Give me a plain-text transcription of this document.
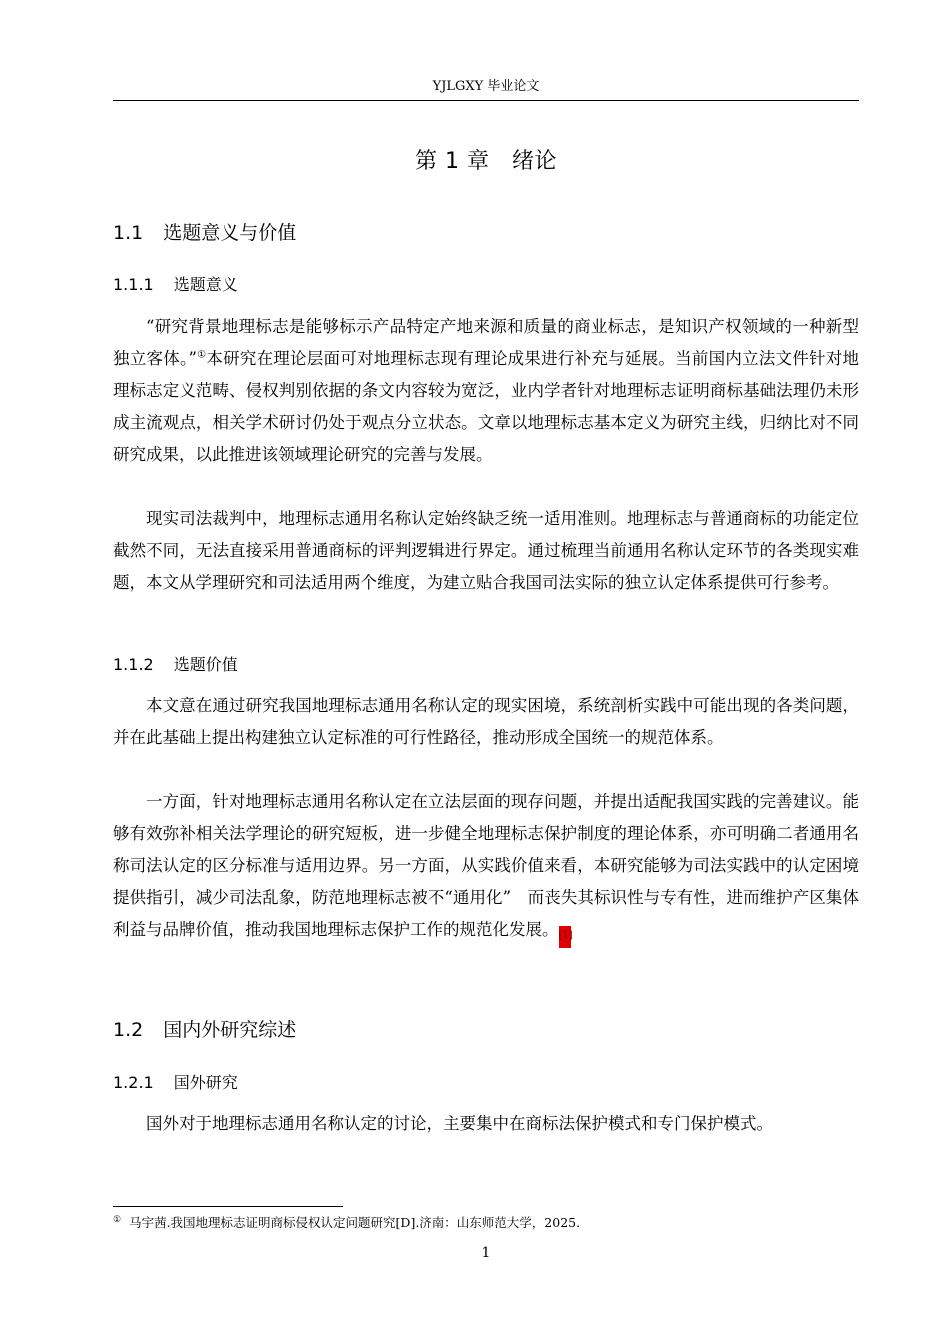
YJLGXY 毕业论文
第 1 章　绪论
1.1 选题意义与价值
1.1.1 选题意义

“研究背景地理标志是能够标示产品特定产地来源和质量的商业标志，是知识产权领域的一种新型独立客体。”①本研究在理论层面可对地理标志现有理论成果进行补充与延展。当前国内立法文件针对地理标志定义范畴、侵权判别依据的条文内容较为宽泛，业内学者针对地理标志证明商标基础法理仍未形成主流观点，相关学术研讨仍处于观点分立状态。文章以地理标志基本定义为研究主线，归纳比对不同研究成果，以此推进该领域理论研究的完善与发展。

现实司法裁判中，地理标志通用名称认定始终缺乏统一适用准则。地理标志与普通商标的功能定位截然不同，无法直接采用普通商标的评判逻辑进行界定。通过梳理当前通用名称认定环节的各类现实难题，本文从学理研究和司法适用两个维度，为建立贴合我国司法实际的独立认定体系提供可行参考。

1.1.2 选题价值

本文意在通过研究我国地理标志通用名称认定的现实困境，系统剖析实践中可能出现的各类问题，并在此基础上提出构建独立认定标准的可行性路径，推动形成全国统一的规范体系。

一方面，针对地理标志通用名称认定在立法层面的现存问题，并提出适配我国实践的完善建议。能够有效弥补相关法学理论的研究短板，进一步健全地理标志保护制度的理论体系，亦可明确二者通用名称司法认定的区分标准与适用边界。另一方面，从实践价值来看，本研究能够为司法实践中的认定困境提供指引，减少司法乱象，防范地理标志被不“通用化”　而丧失其标识性与专有性，进而维护产区集体利益与品牌价值，推动我国地理标志保护工作的规范化发展。[1]

1.2 国内外研究综述
1.2.1 国外研究

国外对于地理标志通用名称认定的讨论，主要集中在商标法保护模式和专门保护模式。

① 马宇茜.我国地理标志证明商标侵权认定问题研究[D].济南：山东师范大学，2025.
1
